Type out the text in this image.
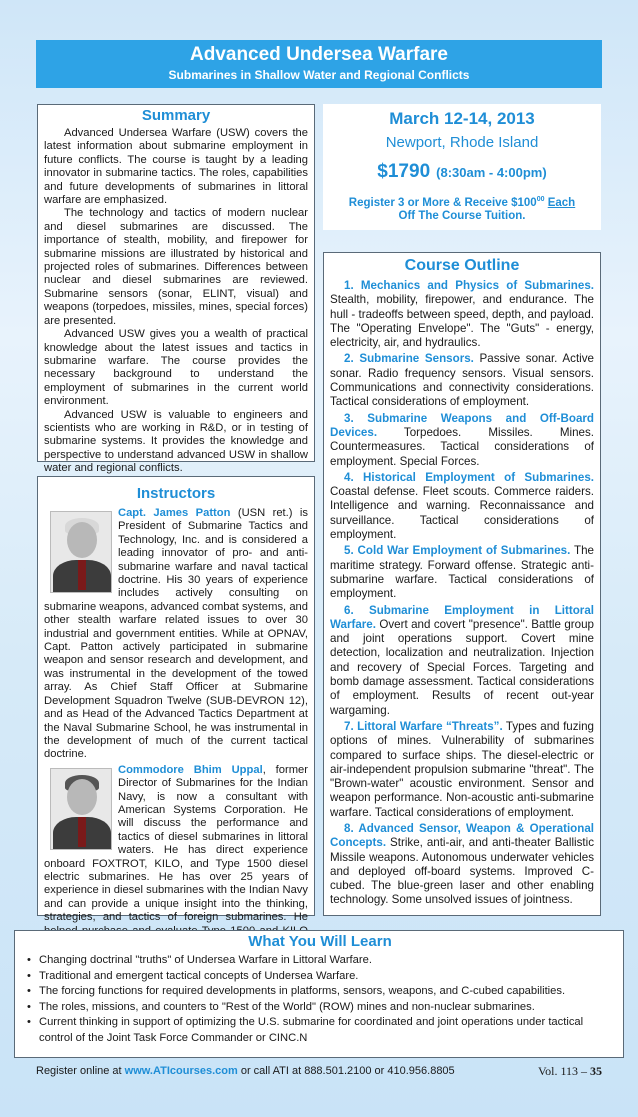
Advanced Undersea Warfare
Submarines in Shallow Water and Regional Conflicts
Summary

Advanced Undersea Warfare (USW) covers the latest information about submarine employment in future conflicts. The course is taught by a leading innovator in submarine tactics. The roles, capabilities and future developments of submarines in littoral warfare are emphasized.

The technology and tactics of modern nuclear and diesel submarines are discussed. The importance of stealth, mobility, and firepower for submarine missions are illustrated by historical and projected roles of submarines. Differences between nuclear and diesel submarines are reviewed. Submarine sensors (sonar, ELINT, visual) and weapons (torpedoes, missiles, mines, special forces) are presented.

Advanced USW gives you a wealth of practical knowledge about the latest issues and tactics in submarine warfare. The course provides the necessary background to understand the employment of submarines in the current world environment.

Advanced USW is valuable to engineers and scientists who are working in R&D, or in testing of submarine systems. It provides the knowledge and perspective to understand advanced USW in shallow water and regional conflicts.

March 12-14, 2013
Newport, Rhode Island
$1790 (8:30am - 4:00pm)
Register 3 or More & Receive $\$100^{00}$ Each
Off The Course Tuition.
Instructors

Capt. James Patton
(USN ret.) is President of Submarine Tactics and Technology, Inc. and is considered a leading innovator of pro- and anti-submarine warfare and naval tactical doctrine. His 30 years of experience includes actively consulting on submarine weapons, advanced combat systems, and other stealth warfare related issues to over 30 industrial and government entities. While at OPNAV, Capt. Patton actively participated in submarine weapon and sensor research and development, and was instrumental in the development of the towed array. As Chief Staff Officer at Submarine Development Squadron Twelve (SUB-DEVRON 12), and as Head of the Advanced Tactics Department at the Naval Submarine School, he was instrumental in the development of much of the current tactical doctrine.

Commodore Bhim Uppal
, former Director of Submarines for the Indian Navy, is now a consultant with American Systems Corporation. He will discuss the performance and tactics of diesel submarines in littoral waters. He has direct experience onboard FOXTROT, KILO, and Type 1500 diesel electric submarines. He has over 25 years of experience in diesel submarines with the Indian Navy and can provide a unique insight into the thinking, strategies, and tactics of foreign submarines. He

Course Outline

1. Mechanics and Physics of Submarines. Stealth, mobility, firepower, and endurance. The hull - tradeoffs between speed, depth, and payload. The "Operating Envelope". The "Guts" - energy, electricity, air, and hydraulics.

2. Submarine Sensors. Passive sonar. Active sonar. Radio frequency sensors. Visual sensors. Communications and connectivity considerations. Tactical considerations of employment.

3. Submarine Weapons and Off-Board Devices. Torpedoes. Missiles. Mines. Countermeasures. Tactical considerations of employment. Special Forces.

4. Historical Employment of Submarines. Coastal defense. Fleet scouts. Commerce raiders. Intelligence and warning. Reconnaissance and surveillance. Tactical considerations of employment.

5. Cold War Employment of Submarines. The maritime strategy. Forward offense. Strategic anti-submarine warfare. Tactical considerations of employment.

6. Submarine Employment in Littoral Warfare. Overt and covert "presence". Battle group and joint operations support. Covert mine detection, localization and neutralization. Injection and recovery of Special Forces. Targeting and bomb damage assessment. Tactical considerations of employment. Results of recent out-year wargaming.

7. Littoral Warfare “Threats”. Types and fuzing options of mines. Vulnerability of submarines compared to surface ships. The diesel-electric or air-independent propulsion submarine "threat". The "Brown-water" acoustic environment. Sensor and weapon performance. Non-acoustic anti-submarine warfare. Tactical considerations of employment.

8. Advanced Sensor, Weapon & Operational Concepts. Strike, anti-air, and anti-theater Ballistic Missile weapons. Autonomous underwater vehicles and deployed off-board systems. Improved C-cubed. The blue-green laser and other enabling technology. Some unsolved issues of jointness.

What You Will Learn
• Changing doctrinal "truths" of Undersea Warfare in Littoral Warfare.
• Traditional and emergent tactical concepts of Undersea Warfare.
• The forcing functions for required developments in platforms, sensors, weapons, and C-cubed capabilities.
• The roles, missions, and counters to "Rest of the World" (ROW) mines and non-nuclear submarines.
• Current thinking in support of optimizing the U.S. submarine for coordinated and joint operations under tactical control of the Joint Task Force Commander or CINC.N
Register online at www.ATIcourses.com or call ATI at 888.501.2100 or 410.956.8805	Vol. 113 – 35
